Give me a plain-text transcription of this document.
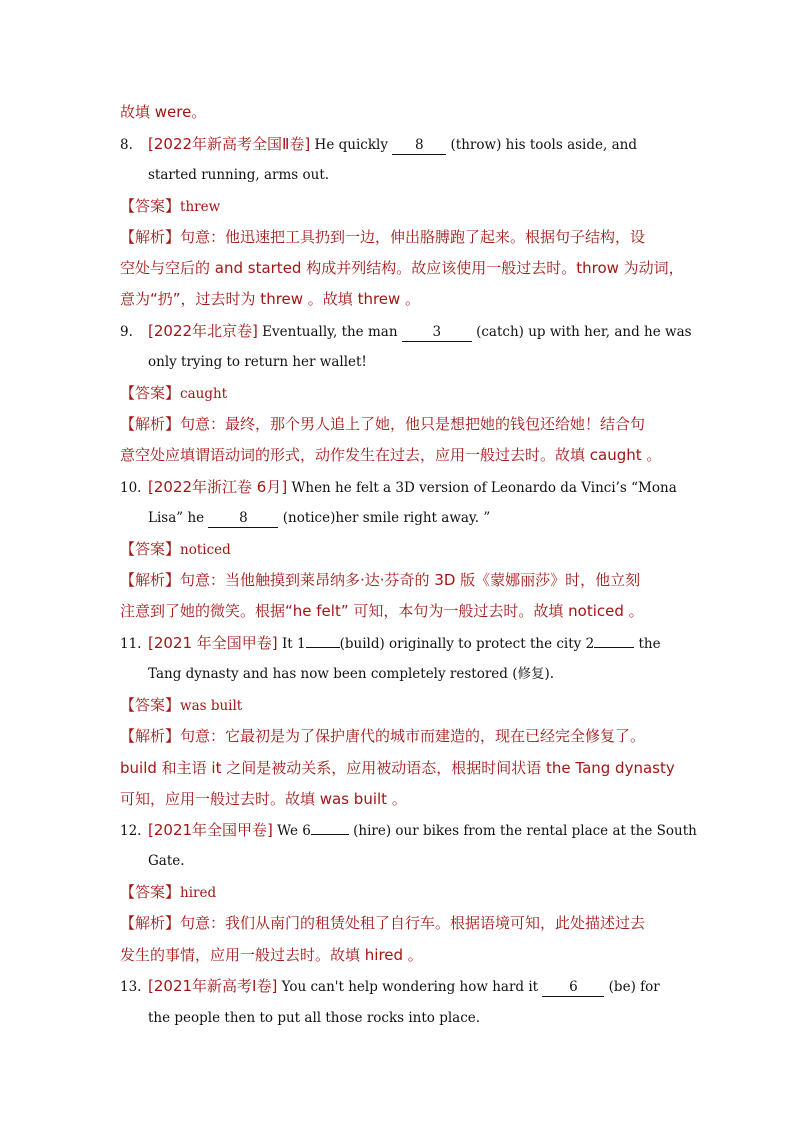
故填 were。
8. [2022年新高考全国Ⅱ卷] He quickly 8 (throw) his tools aside, and
started running, arms out.
【答案】threw
【解析】句意：他迅速把工具扔到一边，伸出胳膊跑了起来。根据句子结构，设
空处与空后的 and started 构成并列结构。故应该使用一般过去时。throw 为动词，
意为“扔”，过去时为 threw 。故填 threw 。
9. [2022年北京卷] Eventually, the man 3 (catch) up with her, and he was
only trying to return her wallet!
【答案】caught
【解析】句意：最终，那个男人追上了她，他只是想把她的钱包还给她！结合句
意空处应填谓语动词的形式，动作发生在过去，应用一般过去时。故填 caught 。
10. [2022年浙江卷 6月] When he felt a 3D version of Leonardo da Vinci’s “Mona
Lisa” he 8 (notice)her smile right away. ”
【答案】noticed
【解析】句意：当他触摸到莱昂纳多·达·芬奇的 3D 版《蒙娜丽莎》时，他立刻
注意到了她的微笑。根据“he felt” 可知，本句为一般过去时。故填 noticed 。
11. [2021 年全国甲卷] It 1	(build) originally to protect the city 2	the
Tang dynasty and has now been completely restored (修复).
【答案】was built
【解析】句意：它最初是为了保护唐代的城市而建造的，现在已经完全修复了。
build 和主语 it 之间是被动关系，应用被动语态，根据时间状语 the Tang dynasty
可知，应用一般过去时。故填 was built 。
12. [2021年全国甲卷] We 6	(hire) our bikes from the rental place at the South
Gate.
【答案】hired
【解析】句意：我们从南门的租赁处租了自行车。根据语境可知，此处描述过去
发生的事情，应用一般过去时。故填 hired 。
13. [2021年新高考Ⅰ卷] You can't help wondering how hard it 6 (be) for
the people then to put all those rocks into place.
